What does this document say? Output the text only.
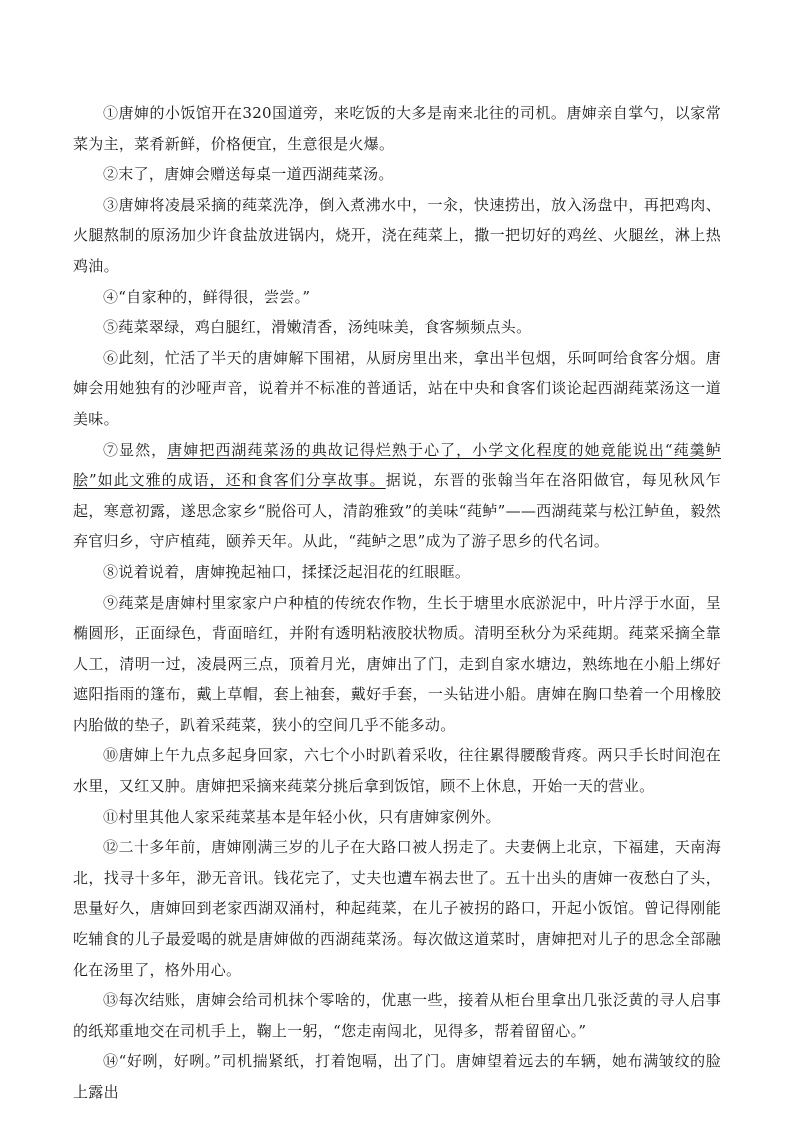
①唐婶的小饭馆开在320国道旁，来吃饭的大多是南来北往的司机。唐婶亲自掌勺，以家常菜为主，菜肴新鲜，价格便宜，生意很是火爆。

②末了，唐婶会赠送每桌一道西湖莼菜汤。

③唐婶将凌晨采摘的莼菜洗净，倒入煮沸水中，一汆，快速捞出，放入汤盘中，再把鸡肉、火腿熬制的原汤加少许食盐放进锅内，烧开，浇在莼菜上，撒一把切好的鸡丝、火腿丝，淋上热鸡油。

④“自家种的，鲜得很，尝尝。”

⑤莼菜翠绿，鸡白腿红，滑嫩清香，汤纯味美，食客频频点头。

⑥此刻，忙活了半天的唐婶解下围裙，从厨房里出来，拿出半包烟，乐呵呵给食客分烟。唐婶会用她独有的沙哑声音，说着并不标准的普通话，站在中央和食客们谈论起西湖莼菜汤这一道美味。

⑦显然，唐婶把西湖莼菜汤的典故记得烂熟于心了，小学文化程度的她竟能说出“莼羹鲈脍”如此文雅的成语，还和食客们分享故事。据说，东晋的张翰当年在洛阳做官，每见秋风乍起，寒意初露，遂思念家乡“脱俗可人，清韵雅致”的美味“莼鲈”——西湖莼菜与松江鲈鱼，毅然弃官归乡，守庐植莼，颐养天年。从此，“莼鲈之思”成为了游子思乡的代名词。

⑧说着说着，唐婶挽起袖口，揉揉泛起泪花的红眼眶。

⑨莼菜是唐婶村里家家户户种植的传统农作物，生长于塘里水底淤泥中，叶片浮于水面，呈椭圆形，正面绿色，背面暗红，并附有透明粘液胶状物质。清明至秋分为采莼期。莼菜采摘全靠人工，清明一过，凌晨两三点，顶着月光，唐婶出了门，走到自家水塘边，熟练地在小船上绑好遮阳指雨的篷布，戴上草帽，套上袖套，戴好手套，一头钻进小船。唐婶在胸口垫着一个用橡胶内胎做的垫子，趴着采莼菜，狭小的空间几乎不能多动。

⑩唐婶上午九点多起身回家，六七个小时趴着采收，往往累得腰酸背疼。两只手长时间泡在水里，又红又肿。唐婶把采摘来莼菜分挑后拿到饭馆，顾不上休息，开始一天的营业。

⑪村里其他人家采莼菜基本是年轻小伙，只有唐婶家例外。

⑫二十多年前，唐婶刚满三岁的儿子在大路口被人拐走了。夫妻俩上北京，下福建，天南海北，找寻十多年，渺无音讯。钱花完了，丈夫也遭车祸去世了。五十出头的唐婶一夜愁白了头，思量好久，唐婶回到老家西湖双涌村，种起莼菜，在儿子被拐的路口，开起小饭馆。曾记得刚能吃辅食的儿子最爱喝的就是唐婶做的西湖莼菜汤。每次做这道菜时，唐婶把对儿子的思念全部融化在汤里了，格外用心。

⑬每次结账，唐婶会给司机抹个零啥的，优惠一些，接着从柜台里拿出几张泛黄的寻人启事的纸郑重地交在司机手上，鞠上一躬，“您走南闯北，见得多，帮着留留心。”

⑭“好咧，好咧。”司机揣紧纸，打着饱嗝，出了门。唐婶望着远去的车辆，她布满皱纹的脸上露出
